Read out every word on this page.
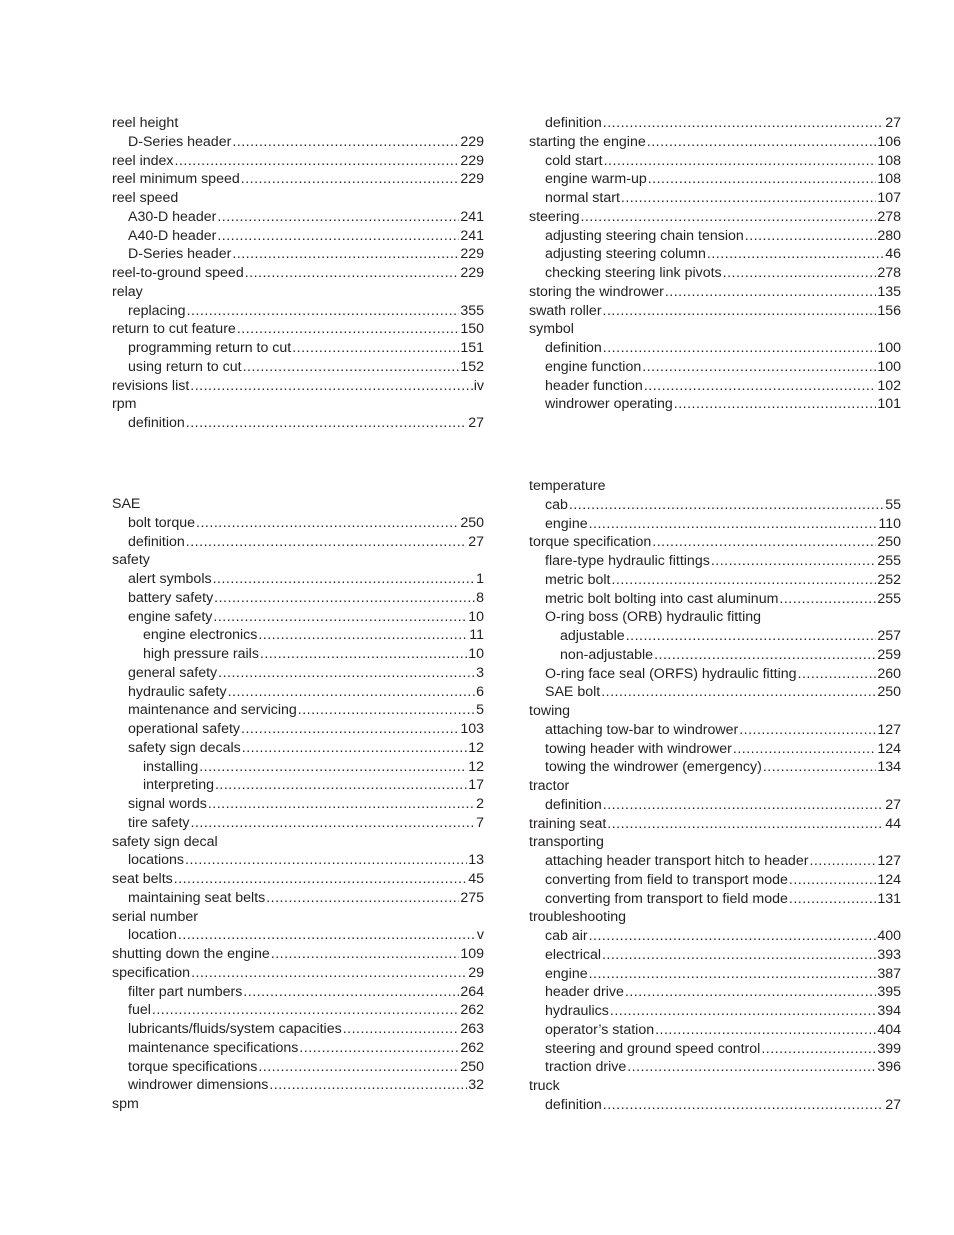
reel height
D-Series header .....	229
reel index .....	229
reel minimum speed .....	229
reel speed
A30-D header .....	241
A40-D header .....	241
D-Series header .....	229
reel-to-ground speed .....	229
relay
replacing .....	355
return to cut feature .....	150
programming return to cut .....	151
using return to cut .....	152
revisions list .....	iv
rpm
definition .....	27
definition .....	27
starting the engine .....	106
cold start .....	108
engine warm-up .....	108
normal start .....	107
steering .....	278
adjusting steering chain tension .....	280
adjusting steering column .....	46
checking steering link pivots .....	278
storing the windrower .....	135
swath roller .....	156
symbol
definition .....	100
engine function .....	100
header function .....	102
windrower operating .....	101
SAE
bolt torque .....	250
definition .....	27
safety
alert symbols .....	1
battery safety .....	8
engine safety .....	10
engine electronics .....	11
high pressure rails .....	10
general safety .....	3
hydraulic safety .....	6
maintenance and servicing .....	5
operational safety .....	103
safety sign decals .....	12
installing .....	12
interpreting .....	17
signal words .....	2
tire safety .....	7
safety sign decal
locations .....	13
seat belts .....	45
maintaining seat belts .....	275
serial number
location .....	v
shutting down the engine .....	109
specification .....	29
filter part numbers .....	264
fuel .....	262
lubricants/fluids/system capacities .....	263
maintenance specifications .....	262
torque specifications .....	250
windrower dimensions .....	32
spm
temperature
cab .....	55
engine .....	110
torque specification .....	250
flare-type hydraulic fittings .....	255
metric bolt .....	252
metric bolt bolting into cast aluminum .....	255
O-ring boss (ORB) hydraulic fitting
adjustable .....	257
non-adjustable .....	259
O-ring face seal (ORFS) hydraulic fitting .....	260
SAE bolt .....	250
towing
attaching tow-bar to windrower .....	127
towing header with windrower .....	124
towing the windrower (emergency) .....	134
tractor
definition .....	27
training seat .....	44
transporting
attaching header transport hitch to header .....	127
converting from field to transport mode .....	124
converting from transport to field mode .....	131
troubleshooting
cab air .....	400
electrical .....	393
engine .....	387
header drive .....	395
hydraulics .....	394
operator’s station .....	404
steering and ground speed control .....	399
traction drive .....	396
truck
definition .....	27
